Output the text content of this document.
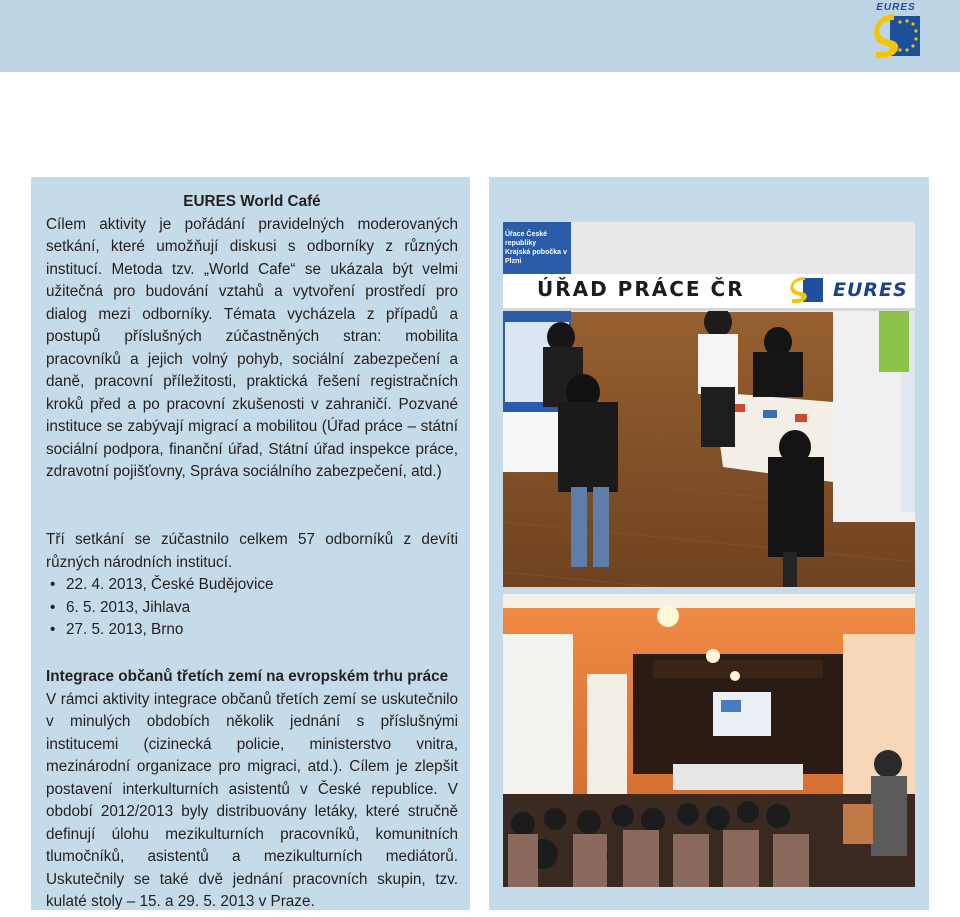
EURES
EURES World Café
Cílem aktivity je pořádání pravidelných moderovaných setkání, které umožňují diskusi s odborníky z různých institucí. Metoda tzv. „World Cafe“ se ukázala být velmi užitečná pro budování vztahů a vytvoření prostředí pro dialog mezi odborníky. Témata vycházela z případů a postupů příslušných zúčastněných stran: mobilita pracovníků a jejich volný pohyb, sociální zabezpečení a daně, pracovní příležitosti, praktická řešení registračních kroků před a po pracovní zkušenosti v zahraničí. Pozvané instituce se zabývají migrací a mobilitou (Úřad práce – státní sociální podpora, finanční úřad, Státní úřad inspekce práce, zdravotní pojišťovny, Správa sociálního zabezpečení, atd.)
Tří setkání se zúčastnilo celkem 57 odborníků z devíti různých národních institucí.
• 22. 4. 2013, České Budějovice
• 6. 5. 2013, Jihlava
• 27. 5. 2013, Brno
Integrace občanů třetích zemí na evropském trhu práce
V rámci aktivity integrace občanů třetích zemí se uskutečnilo v minulých obdobích několik jednání s příslušnými institucemi (cizinecká policie, ministerstvo vnitra, mezinárodní organizace pro migraci, atd.). Cílem je zlepšit postavení interkulturních asistentů v České republice. V období 2012/2013 byly distribuovány letáky, které stručně definují úlohu mezikulturních pracovníků, komunitních tlumočníků, asistentů a mezikulturních mediátorů. Uskutečnily se také dvě jednání pracovních skupin, tzv. kulaté stoly – 15. a 29. 5. 2013 v Praze.
ÚŘAD PRÁCE ČR	EURES
Úřace České republiky
Krajská pobočka v Plzni
